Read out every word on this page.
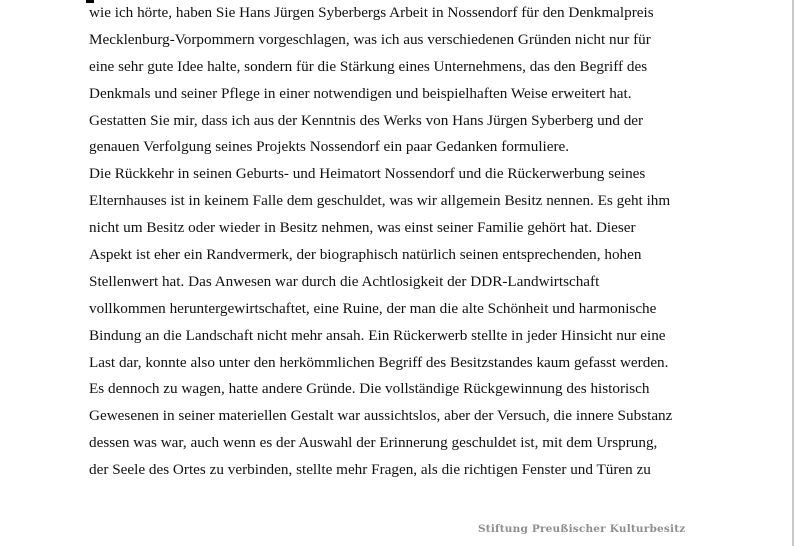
wie ich hörte, haben Sie Hans Jürgen Syberbergs Arbeit in Nossendorf für den Denkmalpreis
Mecklenburg-Vorpommern vorgeschlagen, was ich aus verschiedenen Gründen nicht nur für
eine sehr gute Idee halte, sondern für die Stärkung eines Unternehmens, das den Begriff des
Denkmals und seiner Pflege in einer notwendigen und beispielhaften Weise erweitert hat.
Gestatten Sie mir, dass ich aus der Kenntnis des Werks von Hans Jürgen Syberberg und der
genauen Verfolgung seines Projekts Nossendorf ein paar Gedanken formuliere.
Die Rückkehr in seinen Geburts- und Heimatort Nossendorf und die Rückerwerbung seines
Elternhauses ist in keinem Falle dem geschuldet, was wir allgemein Besitz nennen. Es geht ihm
nicht um Besitz oder wieder in Besitz nehmen, was einst seiner Familie gehört hat. Dieser
Aspekt ist eher ein Randvermerk, der biographisch natürlich seinen entsprechenden, hohen
Stellenwert hat. Das Anwesen war durch die Achtlosigkeit der DDR-Landwirtschaft
vollkommen heruntergewirtschaftet, eine Ruine, der man die alte Schönheit und harmonische
Bindung an die Landschaft nicht mehr ansah. Ein Rückerwerb stellte in jeder Hinsicht nur eine
Last dar, konnte also unter den herkömmlichen Begriff des Besitzstandes kaum gefasst werden.
Es dennoch zu wagen, hatte andere Gründe. Die vollständige Rückgewinnung des historisch
Gewesenen in seiner materiellen Gestalt war aussichtslos, aber der Versuch, die innere Substanz
dessen was war, auch wenn es der Auswahl der Erinnerung geschuldet ist, mit dem Ursprung,
der Seele des Ortes zu verbinden, stellte mehr Fragen, als die richtigen Fenster und Türen zu
Stiftung Preußischer Kulturbesitz
